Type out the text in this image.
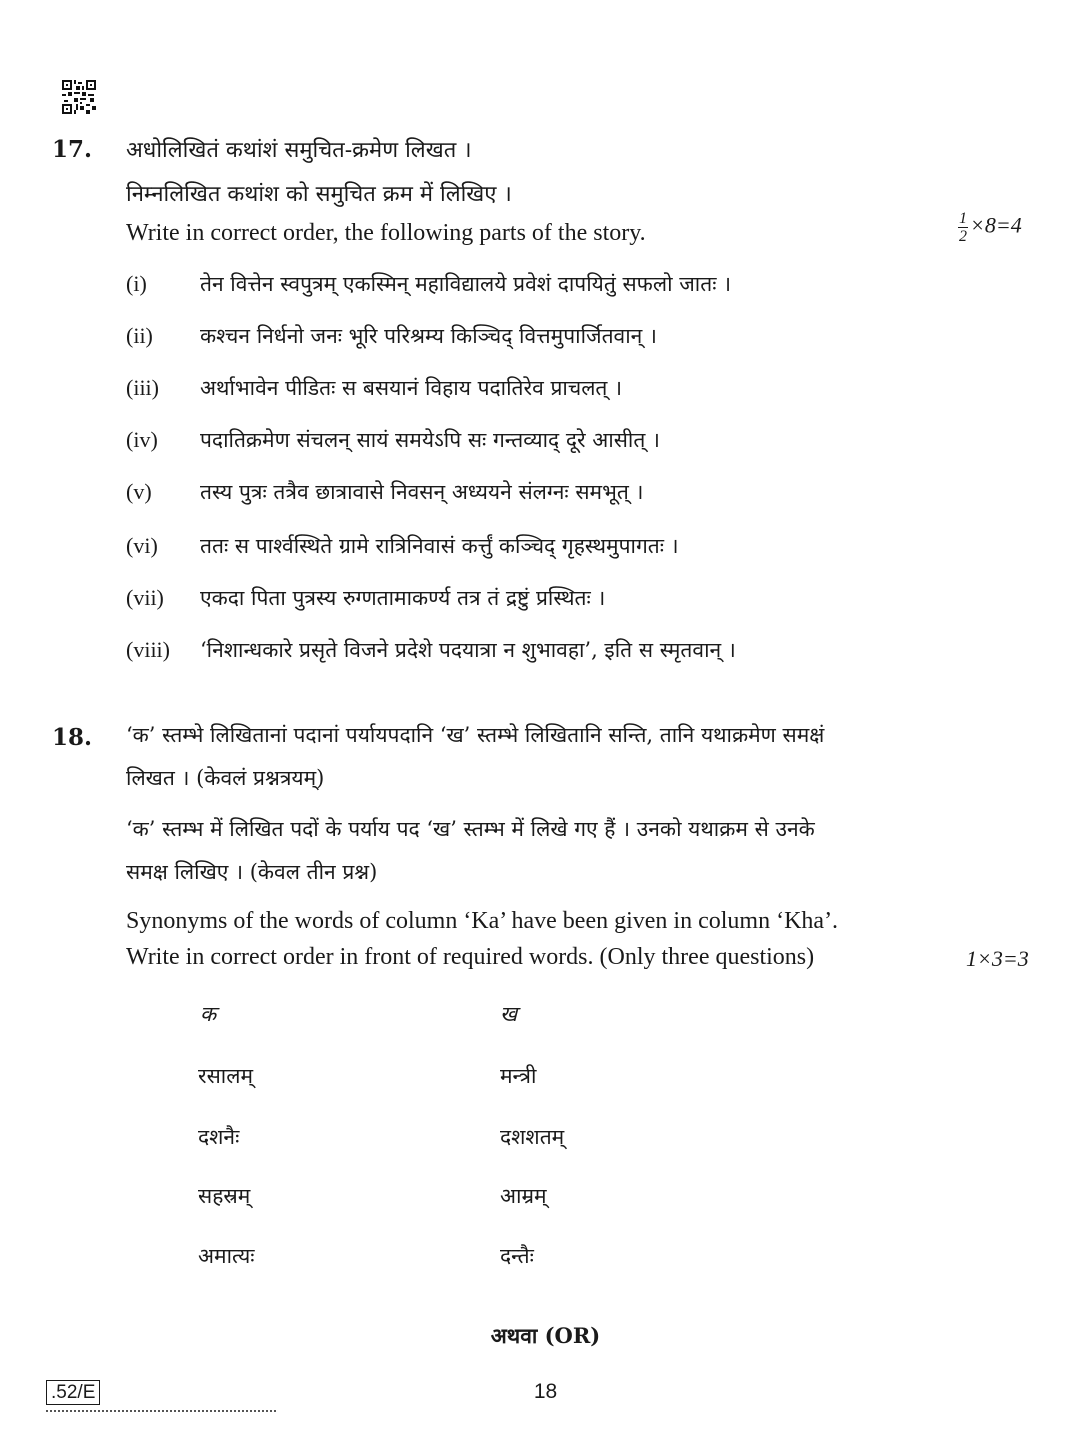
17. अधोलिखितं कथांशं समुचित-क्रमेण लिखत ।
निम्नलिखित कथांश को समुचित क्रम में लिखिए ।
Write in correct order, the following parts of the story.	$\frac{1}{2} \times 8=4$
(i)	तेन वित्तेन स्वपुत्रम् एकस्मिन् महाविद्यालये प्रवेशं दापयितुं सफलो जातः ।
(ii) कश्चन निर्धनो जनः भूरि परिश्रम्य किञ्चिद् वित्तमुपार्जितवान् ।
(iii) अर्थाभावेन पीडितः स बसयानं विहाय पदातिरेव प्राचलत् ।
(iv) पदातिक्रमेण संचलन् सायं समयेऽपि सः गन्तव्याद् दूरे आसीत् ।
(v) तस्य पुत्रः तत्रैव छात्रावासे निवसन् अध्ययने संलग्नः समभूत् ।
(vi) ततः स पार्श्वस्थिते ग्रामे रात्रिनिवासं कर्त्तुं कञ्चिद् गृहस्थमुपागतः ।
(vii) एकदा पिता पुत्रस्य रुग्णतामाकर्ण्य तत्र तं द्रष्टुं प्रस्थितः ।
(viii) ‘निशान्धकारे प्रसृते विजने प्रदेशे पदयात्रा न शुभावहा’, इति स स्मृतवान् ।
18. ‘क’ स्तम्भे लिखितानां पदानां पर्यायपदानि ‘ख’ स्तम्भे लिखितानि सन्ति, तानि यथाक्रमेण समक्षं
लिखत । (केवलं प्रश्नत्रयम्)
‘क’ स्तम्भ में लिखित पदों के पर्याय पद ‘ख’ स्तम्भ में लिखे गए हैं । उनको यथाक्रम से उनके
समक्ष लिखिए । (केवल तीन प्रश्न)
Synonyms of the words of column ‘Ka’ have been given in column ‘Kha’.
Write in correct order in front of required words. (Only three questions)	1×3=3
क	ख
रसालम्	मन्त्री
दशनैः	दशशतम्
सहस्रम्	आम्रम्
अमात्यः	दन्तैः
अथवा (OR)
.52/E	18
